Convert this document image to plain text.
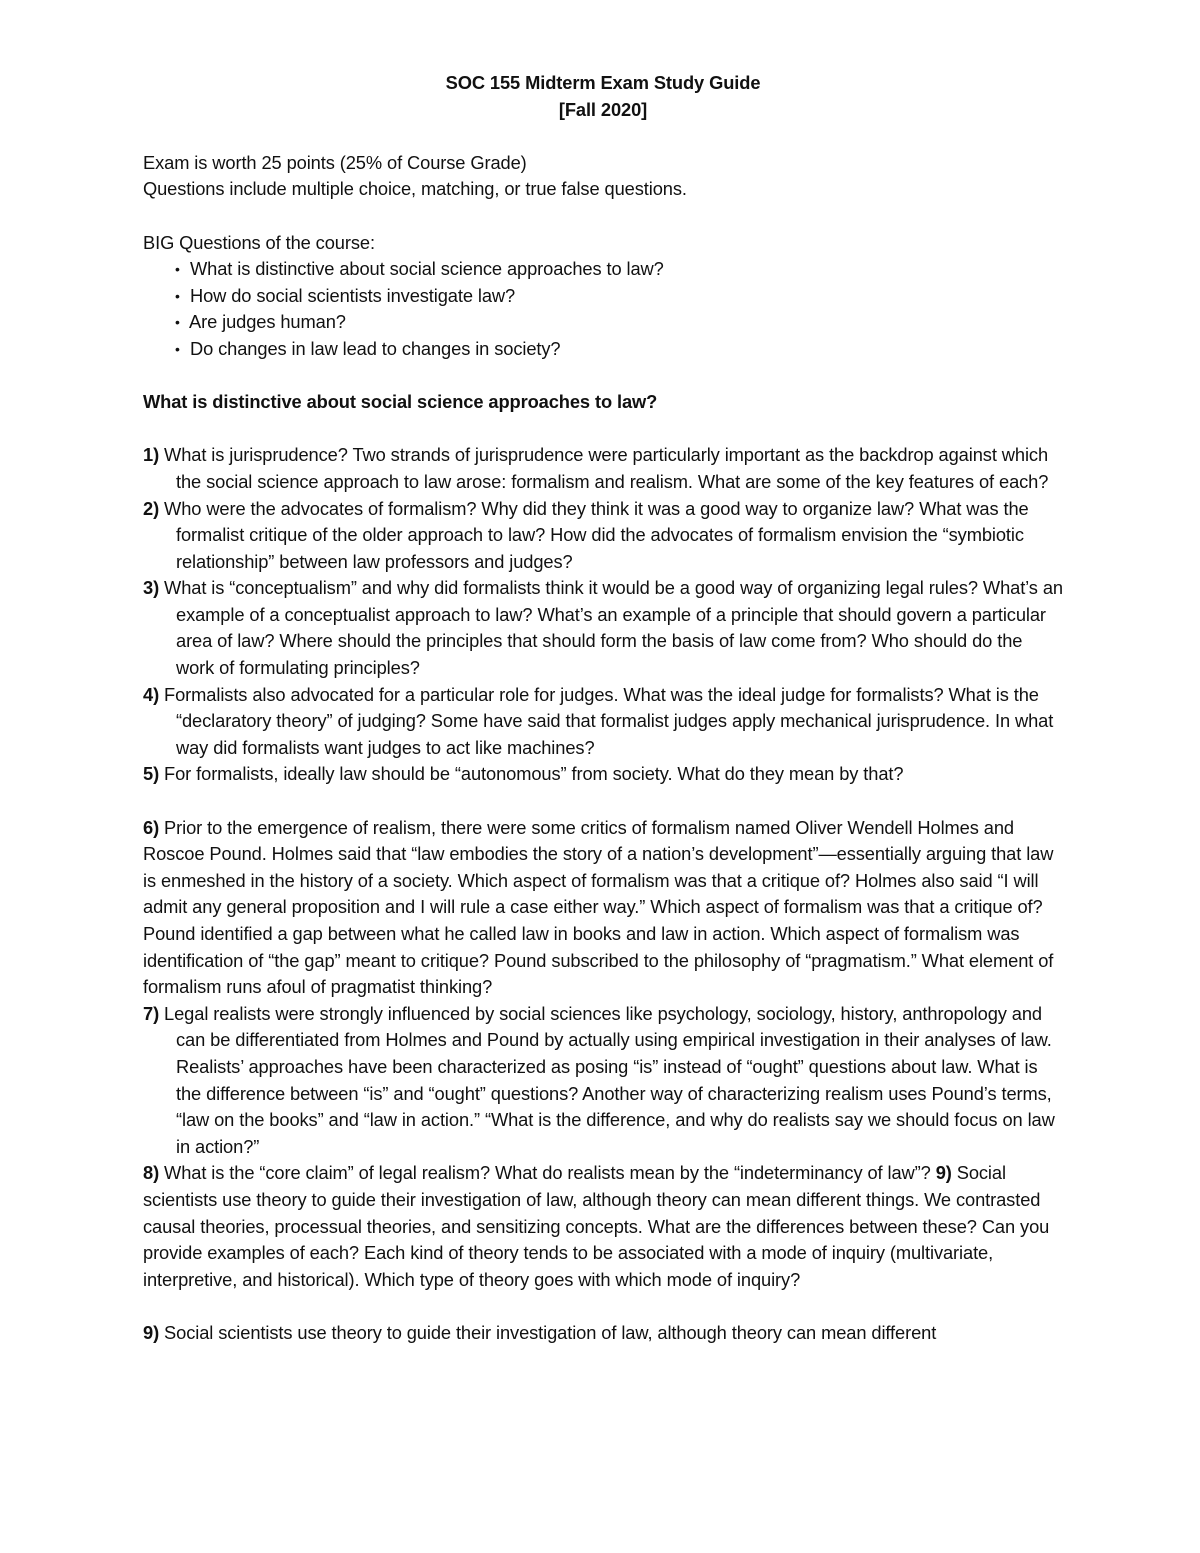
SOC 155 Midterm Exam Study Guide

[Fall 2020]

Exam is worth 25 points (25% of Course Grade)

Questions include multiple choice, matching, or true false questions.

BIG Questions of the course:

• What is distinctive about social science approaches to law?
• How do social scientists investigate law?
• Are judges human?
• Do changes in law lead to changes in society?

What is distinctive about social science approaches to law?

1) What is jurisprudence? Two strands of jurisprudence were particularly important as the backdrop against which the social science approach to law arose: formalism and realism. What are some of the key features of each?

2) Who were the advocates of formalism? Why did they think it was a good way to organize law? What was the formalist critique of the older approach to law? How did the advocates of formalism envision the “symbiotic relationship” between law professors and judges?

3) What is “conceptualism” and why did formalists think it would be a good way of organizing legal rules? What’s an example of a conceptualist approach to law? What’s an example of a principle that should govern a particular area of law? Where should the principles that should form the basis of law come from? Who should do the work of formulating principles?

4) Formalists also advocated for a particular role for judges. What was the ideal judge for formalists? What is the “declaratory theory” of judging? Some have said that formalist judges apply mechanical jurisprudence. In what way did formalists want judges to act like machines?

5) For formalists, ideally law should be “autonomous” from society. What do they mean by that?

6) Prior to the emergence of realism, there were some critics of formalism named Oliver Wendell Holmes and Roscoe Pound. Holmes said that “law embodies the story of a nation’s development”—essentially arguing that law is enmeshed in the history of a society. Which aspect of formalism was that a critique of? Holmes also said “I will admit any general proposition and I will rule a case either way.” Which aspect of formalism was that a critique of? Pound identified a gap between what he called law in books and law in action. Which aspect of formalism was identification of “the gap” meant to critique? Pound subscribed to the philosophy of “pragmatism.” What element of formalism runs afoul of pragmatist thinking?

7) Legal realists were strongly influenced by social sciences like psychology, sociology, history, anthropology and can be differentiated from Holmes and Pound by actually using empirical investigation in their analyses of law. Realists’ approaches have been characterized as posing “is” instead of “ought” questions about law. What is the difference between “is” and “ought” questions? Another way of characterizing realism uses Pound’s terms, “law on the books” and “law in action.” “What is the difference, and why do realists say we should focus on law in action?”

8) What is the “core claim” of legal realism? What do realists mean by the “indeterminancy of law”? 9) Social scientists use theory to guide their investigation of law, although theory can mean different things. We contrasted causal theories, processual theories, and sensitizing concepts. What are the differences between these? Can you provide examples of each? Each kind of theory tends to be associated with a mode of inquiry (multivariate, interpretive, and historical). Which type of theory goes with which mode of inquiry?

9) Social scientists use theory to guide their investigation of law, although theory can mean different
